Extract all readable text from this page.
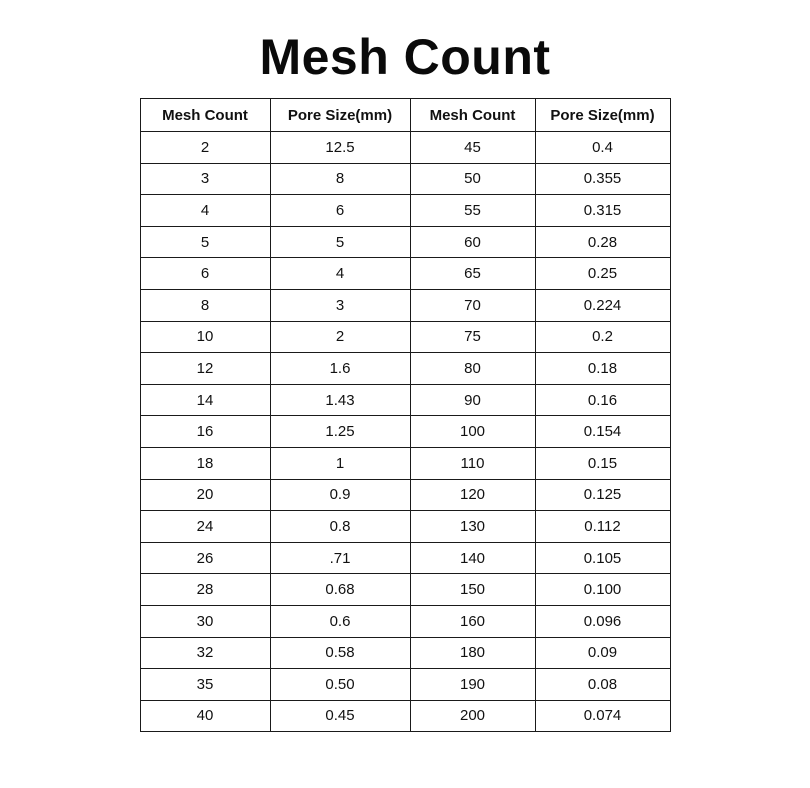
Mesh Count
Mesh Count	Pore Size(mm)	Mesh Count	Pore Size(mm)
2	12.5	45	0.4
3	8	50	0.355
4	6	55	0.315
5	5	60	0.28
6	4	65	0.25
8	3	70	0.224
10	2	75	0.2
12	1.6	80	0.18
14	1.43	90	0.16
16	1.25	100	0.154
18	1	110	0.15
20	0.9	120	0.125
24	0.8	130	0.112
26	.71	140	0.105
28	0.68	150	0.100
30	0.6	160	0.096
32	0.58	180	0.09
35	0.50	190	0.08
40	0.45	200	0.074
